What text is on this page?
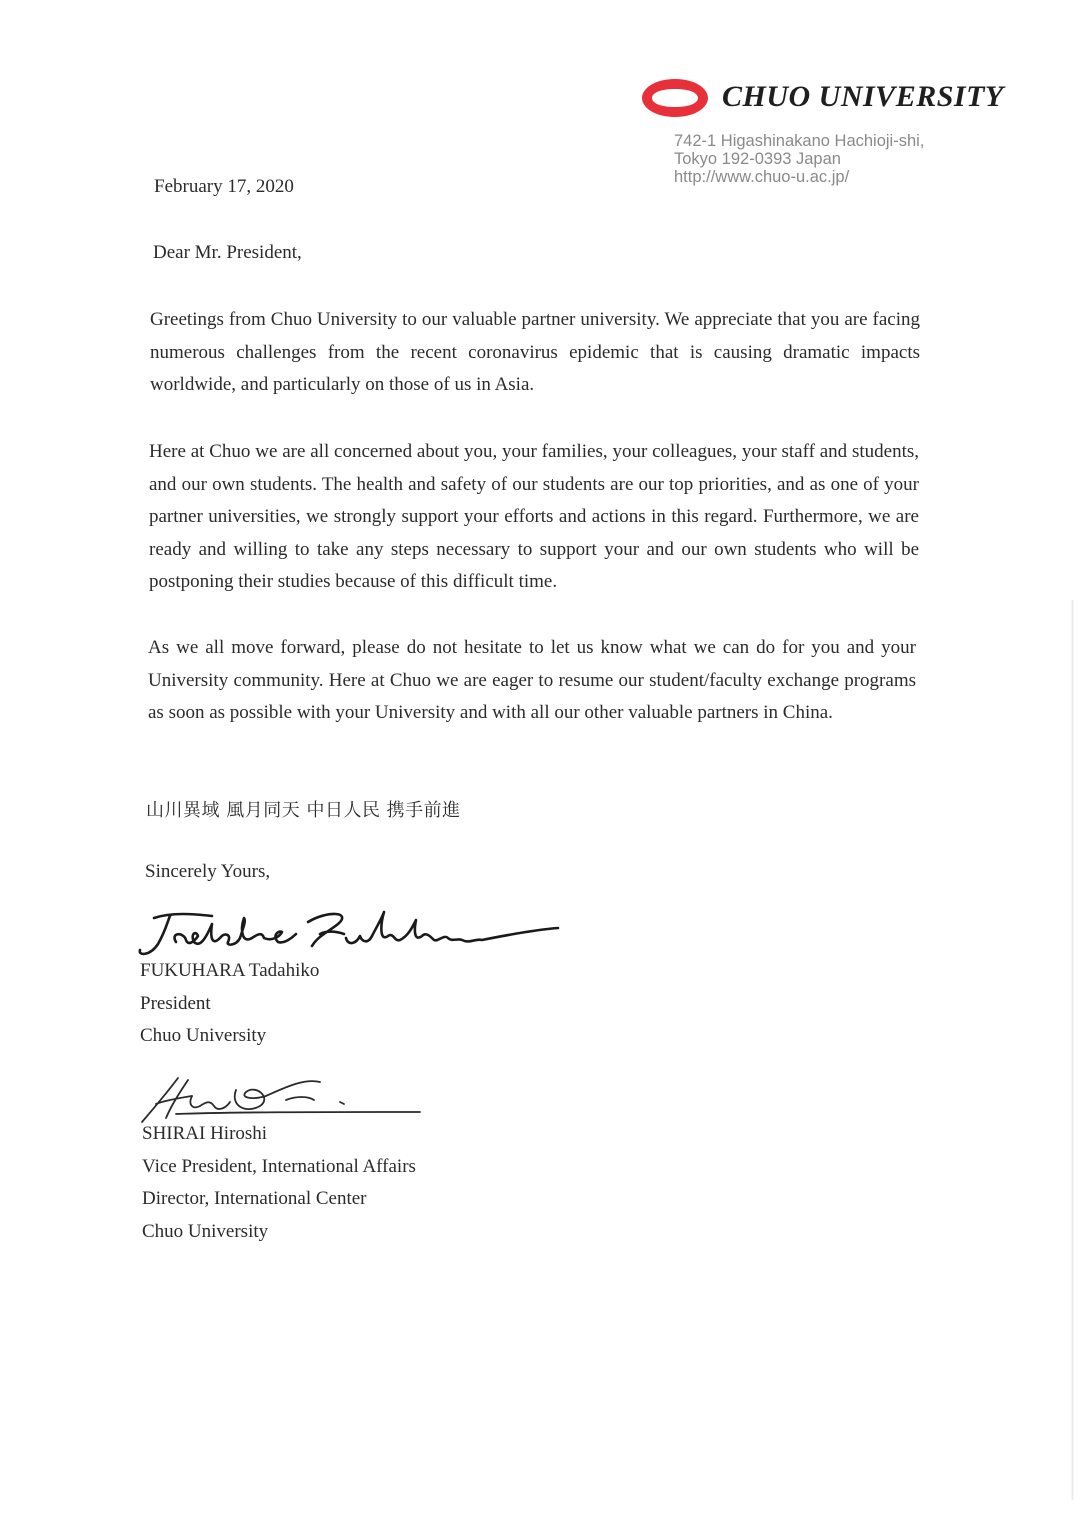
CHUO UNIVERSITY
742-1 Higashinakano Hachioji-shi,
Tokyo 192-0393 Japan
http://www.chuo-u.ac.jp/
February 17, 2020
Dear Mr. President,
Greetings from Chuo University to our valuable partner university. We appreciate that you are facing numerous challenges from the recent coronavirus epidemic that is causing dramatic impacts worldwide, and particularly on those of us in Asia.
Here at Chuo we are all concerned about you, your families, your colleagues, your staff and students, and our own students. The health and safety of our students are our top priorities, and as one of your partner universities, we strongly support your efforts and actions in this regard. Furthermore, we are ready and willing to take any steps necessary to support your and our own students who will be postponing their studies because of this difficult time.
As we all move forward, please do not hesitate to let us know what we can do for you and your University community. Here at Chuo we are eager to resume our student/faculty exchange programs as soon as possible with your University and with all our other valuable partners in China.
山川異域 風月同天 中日人民 携手前進
Sincerely Yours,
FUKUHARA Tadahiko
President
Chuo University
SHIRAI Hiroshi
Vice President, International Affairs
Director, International Center
Chuo University
